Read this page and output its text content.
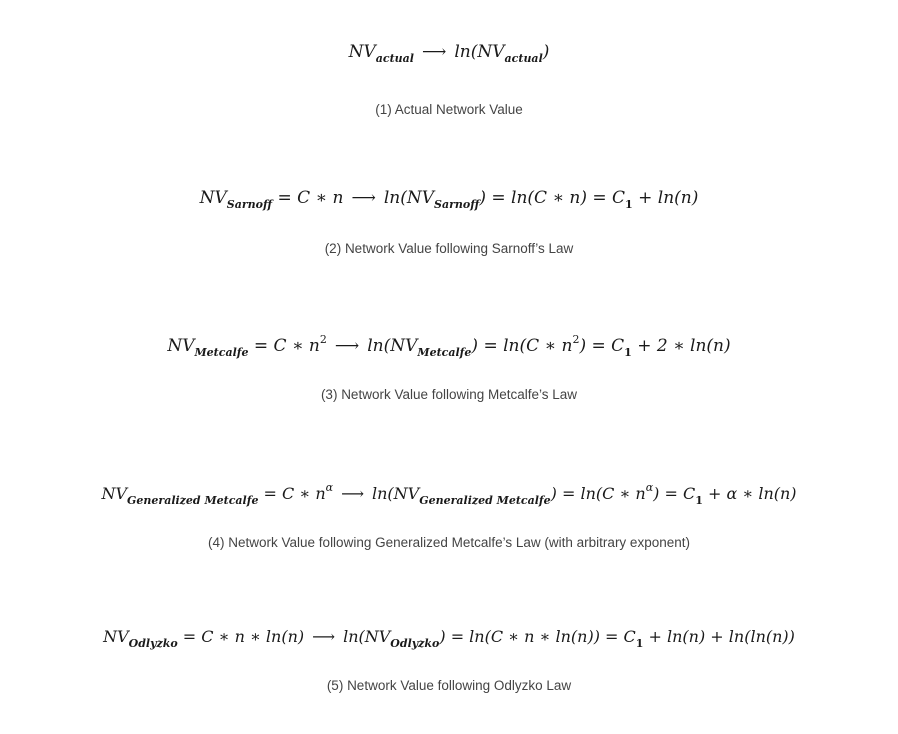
$NV_{actual}$ ⟶ $\ln(NV_{actual})$
(1) Actual Network Value
$NV_{Sarnoff} = C$ ∗ n ⟶ $\ln(NV_{Sarnoff}) = \ln(C$ ∗ $n) = C_1 + \ln(n)$
(2) Network Value following Sarnoff’s Law
$NV_{Metcalfe} = C$ ∗ $n^2$ ⟶ $\ln(NV_{Metcalfe}) = \ln(C$ ∗ $n^2) = C_1 + 2$ ∗ ln(n)
(3) Network Value following Metcalfe’s Law
$NV_{Generalized Metcalfe} = C$ ∗ $n^\alpha$ ⟶ $\ln(NV_{Generalized Metcalfe}) = \ln(C$ ∗ $n^\alpha) = C_1 + \alpha$ ∗ ln(n)
(4) Network Value following Generalized Metcalfe’s Law (with arbitrary exponent)
$NV_{Odlyzko} = C$ ∗ n ∗ ln(n) ⟶ $\ln(NV_{Odlyzko}) = \ln(C$ ∗ n ∗ $\ln(n)) = C_1 + \ln(n) + \ln(\ln(n))$
(5) Network Value following Odlyzko Law
